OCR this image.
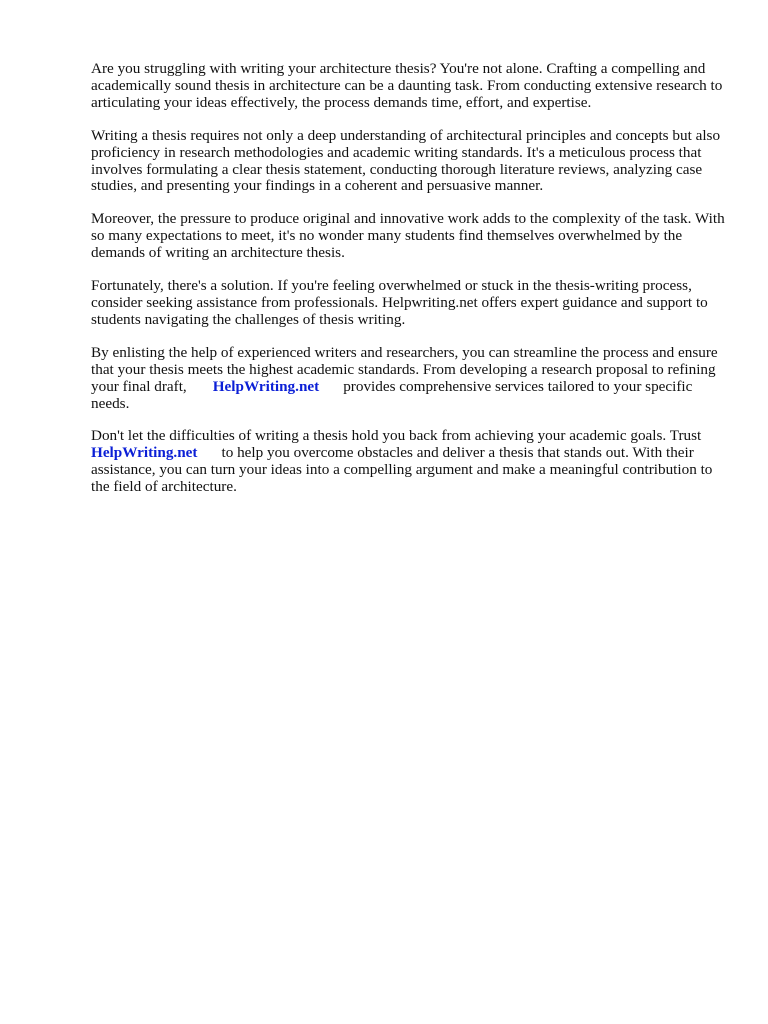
Are you struggling with writing your architecture thesis? You're not alone. Crafting a compelling and academically sound thesis in architecture can be a daunting task. From conducting extensive research to articulating your ideas effectively, the process demands time, effort, and expertise.

Writing a thesis requires not only a deep understanding of architectural principles and concepts but also proficiency in research methodologies and academic writing standards. It's a meticulous process that involves formulating a clear thesis statement, conducting thorough literature reviews, analyzing case studies, and presenting your findings in a coherent and persuasive manner.

Moreover, the pressure to produce original and innovative work adds to the complexity of the task. With so many expectations to meet, it's no wonder many students find themselves overwhelmed by the demands of writing an architecture thesis.

Fortunately, there's a solution. If you're feeling overwhelmed or stuck in the thesis-writing process, consider seeking assistance from professionals. Helpwriting.net offers expert guidance and support to students navigating the challenges of thesis writing.

By enlisting the help of experienced writers and researchers, you can streamline the process and ensure that your thesis meets the highest academic standards. From developing a research proposal to refining your final draft, HelpWriting.net provides comprehensive services tailored to your specific needs.

Don't let the difficulties of writing a thesis hold you back from achieving your academic goals. Trust HelpWriting.net to help you overcome obstacles and deliver a thesis that stands out. With their assistance, you can turn your ideas into a compelling argument and make a meaningful contribution to the field of architecture.
